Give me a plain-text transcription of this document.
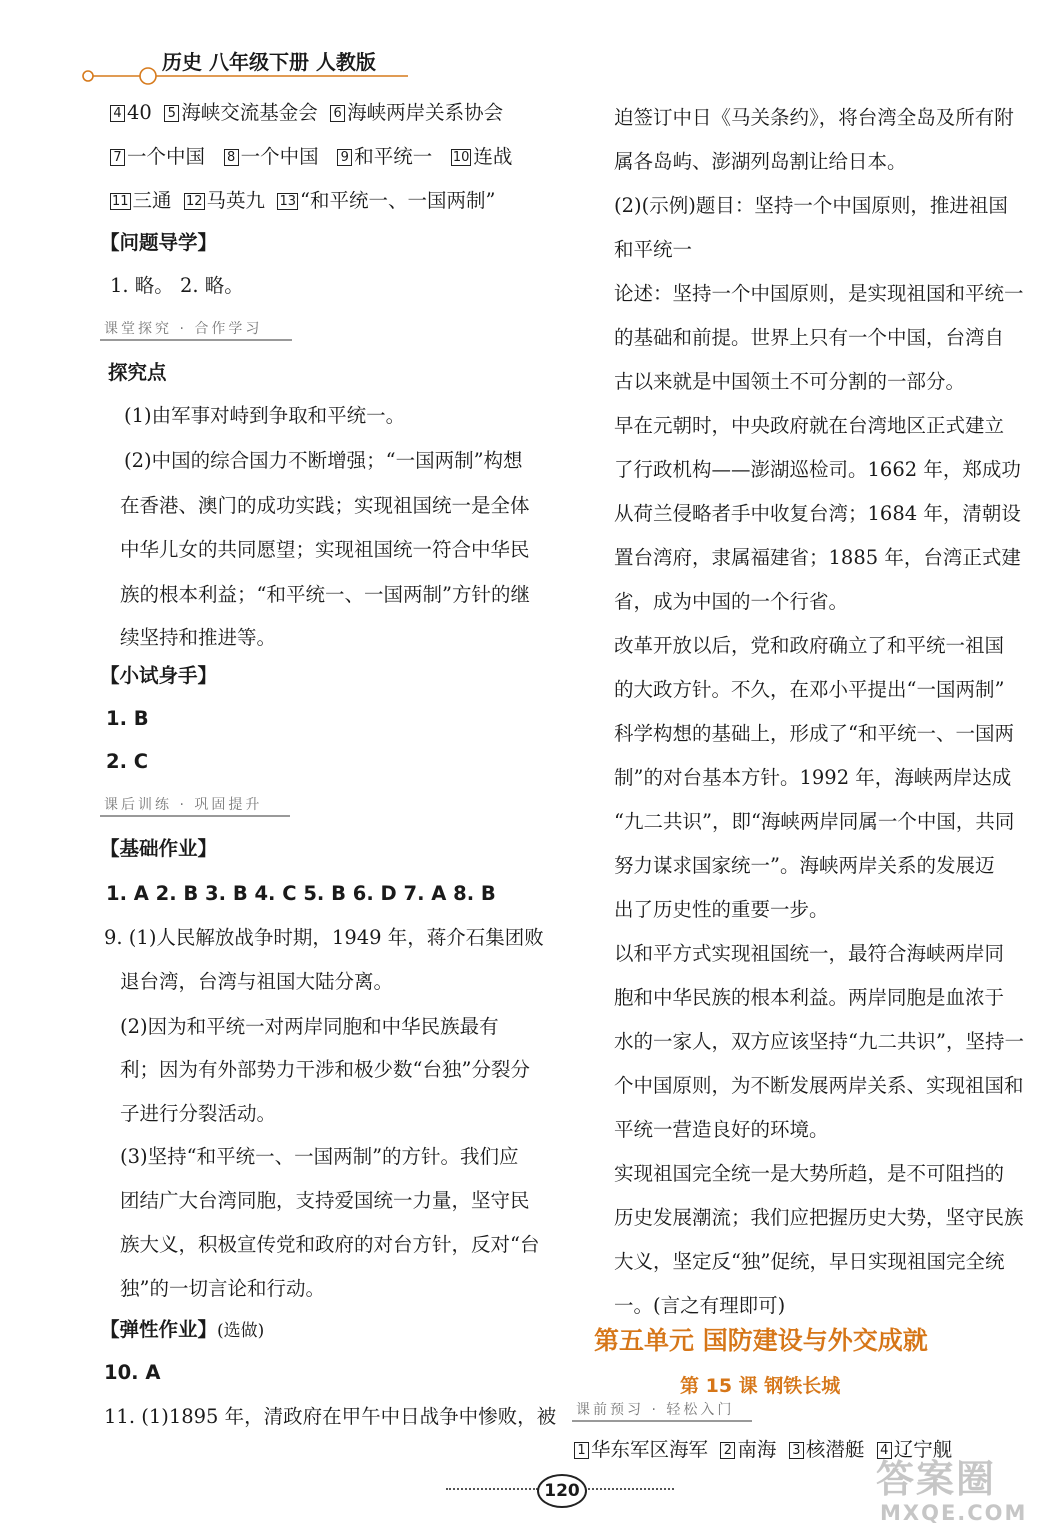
历史 八年级下册 人教版
4 40 5 海峡交流基金会 6 海峡两岸关系协会
7 一个中国 8 一个中国 9 和平统一 10 连战
11 三通 12 马英九 13 “和平统一、一国两制”
【问题导学】
1. 略。 2. 略。
课堂探究 · 合作学习
探究点
(1)由军事对峙到争取和平统一。
(2)中国的综合国力不断增强；“一国两制”构想
在香港、澳门的成功实践；实现祖国统一是全体
中华儿女的共同愿望；实现祖国统一符合中华民
族的根本利益；“和平统一、一国两制”方针的继
续坚持和推进等。
【小试身手】
1. B
2. C
课后训练 · 巩固提升
【基础作业】
1. A 2. B 3. B 4. C 5. B 6. D 7. A 8. B
9. (1)人民解放战争时期，1949 年，蒋介石集团败
退台湾，台湾与祖国大陆分离。
(2)因为和平统一对两岸同胞和中华民族最有
利；因为有外部势力干涉和极少数“台独”分裂分
子进行分裂活动。
(3)坚持“和平统一、一国两制”的方针。我们应
团结广大台湾同胞，支持爱国统一力量，坚守民
族大义，积极宣传党和政府的对台方针，反对“台
独”的一切言论和行动。
【弹性作业】(选做)
10. A
11. (1)1895 年，清政府在甲午中日战争中惨败，被
迫签订中日《马关条约》，将台湾全岛及所有附
属各岛屿、澎湖列岛割让给日本。
(2)(示例)题目：坚持一个中国原则，推进祖国
和平统一
论述：坚持一个中国原则，是实现祖国和平统一
的基础和前提。世界上只有一个中国，台湾自
古以来就是中国领土不可分割的一部分。
早在元朝时，中央政府就在台湾地区正式建立
了行政机构——澎湖巡检司。1662 年，郑成功
从荷兰侵略者手中收复台湾；1684 年，清朝设
置台湾府，隶属福建省；1885 年，台湾正式建
省，成为中国的一个行省。
改革开放以后，党和政府确立了和平统一祖国
的大政方针。不久，在邓小平提出“一国两制”
科学构想的基础上，形成了“和平统一、一国两
制”的对台基本方针。1992 年，海峡两岸达成
“九二共识”，即“海峡两岸同属一个中国，共同
努力谋求国家统一”。海峡两岸关系的发展迈
出了历史性的重要一步。
以和平方式实现祖国统一，最符合海峡两岸同
胞和中华民族的根本利益。两岸同胞是血浓于
水的一家人，双方应该坚持“九二共识”，坚持一
个中国原则，为不断发展两岸关系、实现祖国和
平统一营造良好的环境。
实现祖国完全统一是大势所趋，是不可阻挡的
历史发展潮流；我们应把握历史大势，坚守民族
大义，坚定反“独”促统，早日实现祖国完全统
一。(言之有理即可)
第五单元 国防建设与外交成就
第 15 课 钢铁长城
课前预习 · 轻松入门
1 华东军区海军 2 南海 3 核潜艇 4 辽宁舰
120	答案圈
MXQE.COM
